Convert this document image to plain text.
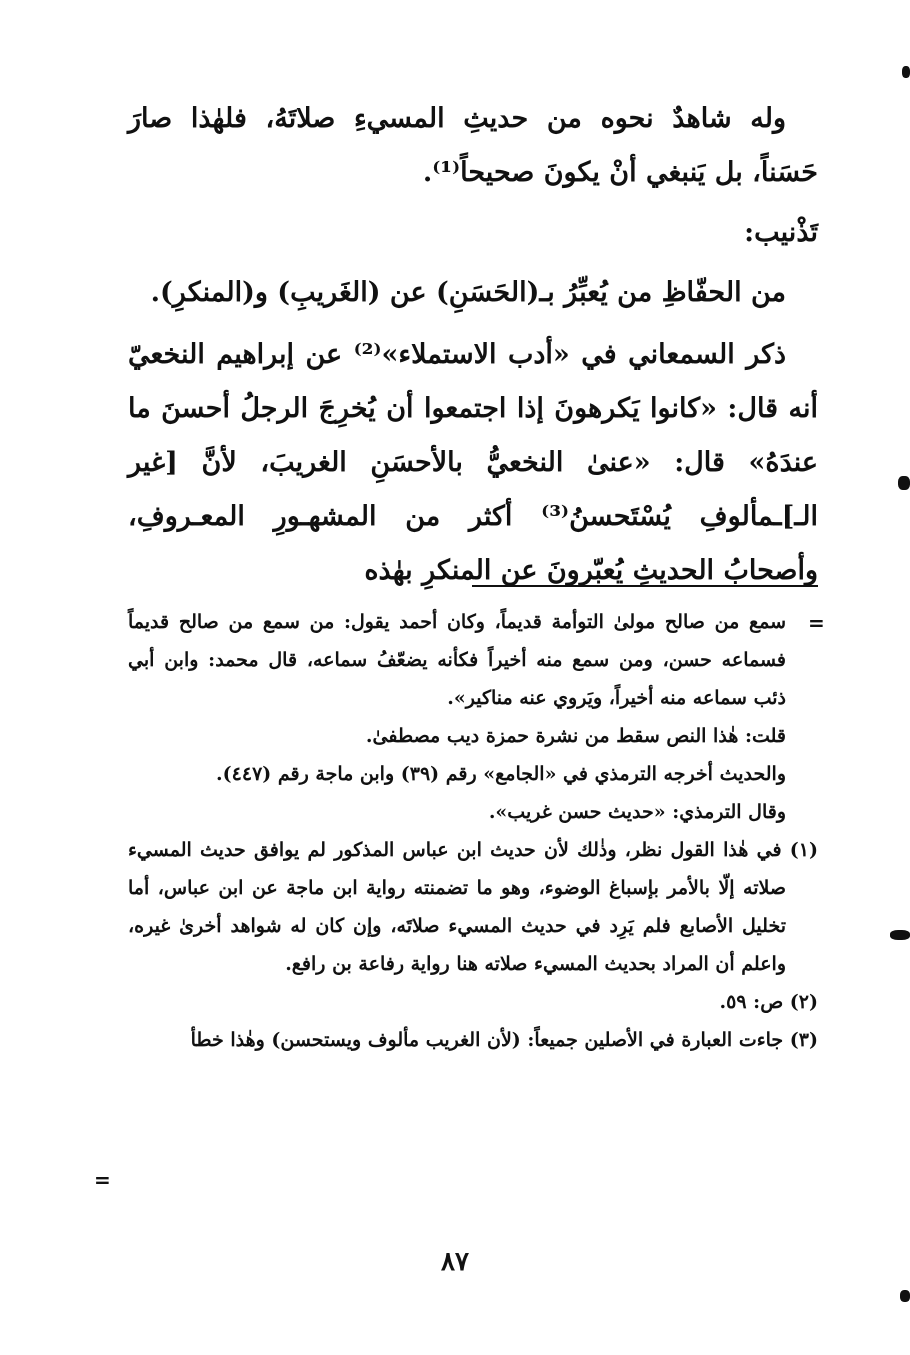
وله شاهدٌ نحوه من حديثِ المسيءِ صلاتَهُ، فلهٰذا صارَ حَسَناً، بل يَنبغي أنْ يكونَ صحيحاً⁽¹⁾.

تَذْنيب:

من الحفّاظِ من يُعبِّرُ بـ(الحَسَنِ) عن (الغَريبِ) و(المنكرِ).

ذكر السمعاني في «أدب الاستملاء»⁽²⁾ عن إبراهيم النخعيّ أنه قال: «كانوا يَكرهونَ إذا اجتمعوا أن يُخرِجَ الرجلُ أحسنَ ما عندَهُ» قال: «عنىٰ النخعيُّ بالأحسَنِ الغريبَ، لأنَّ [غير الـ]ـمألوفِ يُسْتَحسنُ⁽³⁾ أكثر من المشهـورِ المعـروفِ، وأصحابُ الحديثِ يُعبّرونَ عن المنكرِ بهٰذه

=

سمع من صالح مولىٰ التوأمة قديماً، وكان أحمد يقول: من سمع من صالح قديماً فسماعه حسن، ومن سمع منه أخيراً فكأنه يضعّفُ سماعه، قال محمد: وابن أبي ذئب سماعه منه أخيراً، ويَروي عنه مناكير».

قلت: هٰذا النص سقط من نشرة حمزة ديب مصطفىٰ.

والحديث أخرجه الترمذي في «الجامع» رقم (٣٩) وابن ماجة رقم (٤٤٧).

وقال الترمذي: «حديث حسن غريب».

(١) في هٰذا القول نظر، وذٰلك لأن حديث ابن عباس المذكور لم يوافق حديث المسيء صلاته إلّا بالأمر بإسباغ الوضوء، وهو ما تضمنته رواية ابن ماجة عن ابن عباس، أما تخليل الأصابع فلم يَرِد في حديث المسيء صلاتَه، وإن كان له شواهد أخرىٰ غيره، واعلم أن المراد بحديث المسيء صلاته هنا رواية رفاعة بن رافع.

(٢) ص: ٥٩.

(٣) جاءت العبارة في الأصلين جميعاً: (لأن الغريب مألوف ويستحسن) وهٰذا خطأ

=
٨٧
